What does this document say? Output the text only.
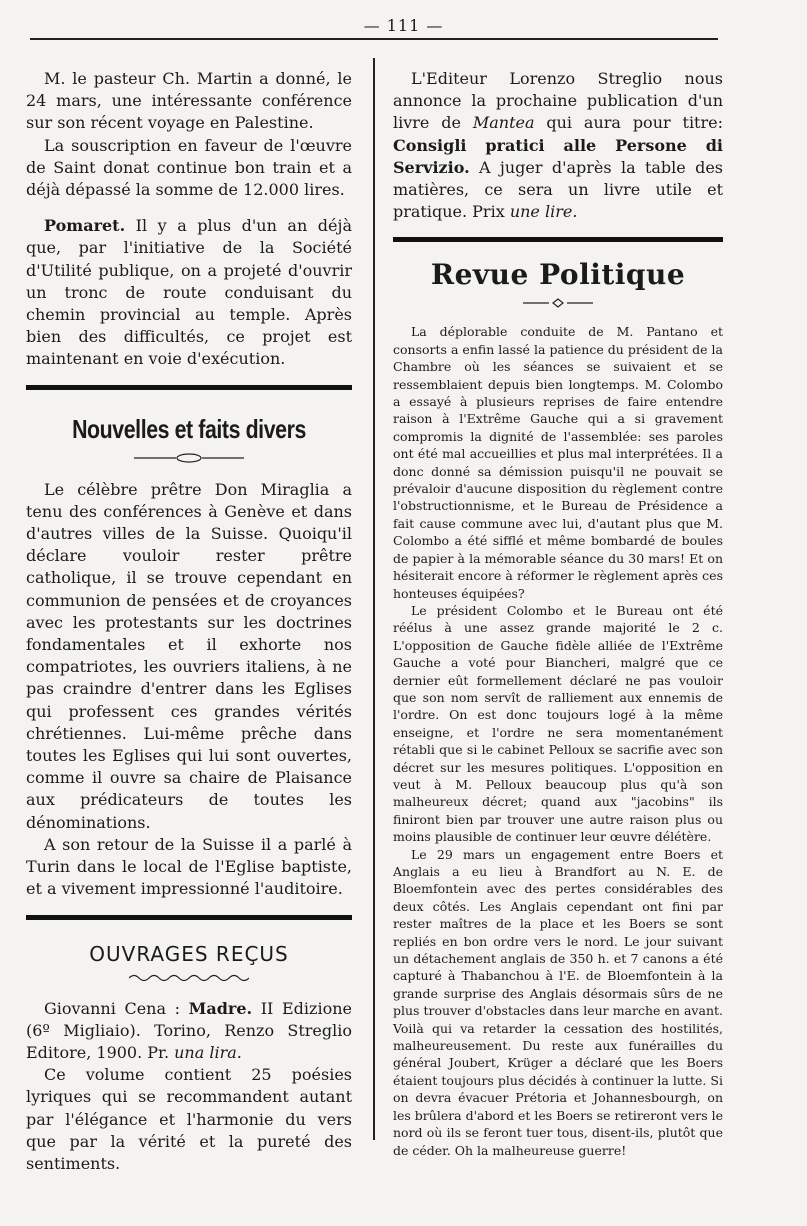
— 111 —

M. le pasteur Ch. Martin a donné, le 24 mars, une intéressante conférence sur son récent voyage en Palestine.

La souscription en faveur de l'œuvre de Saint donat continue bon train et a déjà dépassé la somme de 12.000 lires.

Pomaret. Il y a plus d'un an déjà que, par l'initiative de la Société d'Utilité publique, on a projeté d'ouvrir un tronc de route conduisant du chemin provincial au temple. Après bien des difficultés, ce projet est maintenant en voie d'exécution.

Nouvelles et faits divers

Le célèbre prêtre Don Miraglia a tenu des conférences à Genève et dans d'autres villes de la Suisse. Quoiqu'il déclare vouloir rester prêtre catholique, il se trouve cependant en communion de pensées et de croyances avec les protestants sur les doctrines fondamentales et il exhorte nos compatriotes, les ouvriers italiens, à ne pas craindre d'entrer dans les Eglises qui professent ces grandes vérités chrétiennes. Lui-même prêche dans toutes les Eglises qui lui sont ouvertes, comme il ouvre sa chaire de Plaisance aux prédicateurs de toutes les dénominations.

A son retour de la Suisse il a parlé à Turin dans le local de l'Eglise baptiste, et a vivement impressionné l'auditoire.

OUVRAGES REÇUS

Giovanni Cena : Madre. II Edizione (6º Migliaio). Torino, Renzo Streglio Editore, 1900. Pr. una lira.

Ce volume contient 25 poésies lyriques qui se recommandent autant par l'élégance et l'harmonie du vers que par la vérité et la pureté des sentiments.

L'Editeur Lorenzo Streglio nous annonce la prochaine publication d'un livre de Mantea qui aura pour titre: Consigli pratici alle Persone di Servizio. A juger d'après la table des matières, ce sera un livre utile et pratique. Prix une lire.

Revue Politique

La déplorable conduite de M. Pantano et consorts a enfin lassé la patience du président de la Chambre où les séances se suivaient et se ressemblaient depuis bien longtemps. M. Colombo a essayé à plusieurs reprises de faire entendre raison à l'Extrême Gauche qui a si gravement compromis la dignité de l'assemblée: ses paroles ont été mal accueillies et plus mal interprétées. Il a donc donné sa démission puisqu'il ne pouvait se prévaloir d'aucune disposition du règlement contre l'obstructionnisme, et le Bureau de Présidence a fait cause commune avec lui, d'autant plus que M. Colombo a été sifflé et même bombardé de boules de papier à la mémorable séance du 30 mars! Et on hésiterait encore à réformer le règlement après ces honteuses équipées?

Le président Colombo et le Bureau ont été réélus à une assez grande majorité le 2 c. L'opposition de Gauche fidèle alliée de l'Extrême Gauche a voté pour Biancheri, malgré que ce dernier eût formellement déclaré ne pas vouloir que son nom servît de ralliement aux ennemis de l'ordre. On est donc toujours logé à la même enseigne, et l'ordre ne sera momentanément rétabli que si le cabinet Pelloux se sacrifie avec son décret sur les mesures politiques. L'opposition en veut à M. Pelloux beaucoup plus qu'à son malheureux décret; quand aux "jacobins" ils finiront bien par trouver une autre raison plus ou moins plausible de continuer leur œuvre délétère.

Le 29 mars un engagement entre Boers et Anglais a eu lieu à Brandfort au N. E. de Bloemfontein avec des pertes considérables des deux côtés. Les Anglais cependant ont fini par rester maîtres de la place et les Boers se sont repliés en bon ordre vers le nord. Le jour suivant un détachement anglais de 350 h. et 7 canons a été capturé à Thabanchou à l'E. de Bloemfontein à la grande surprise des Anglais désormais sûrs de ne plus trouver d'obstacles dans leur marche en avant. Voilà qui va retarder la cessation des hostilités, malheureusement. Du reste aux funérailles du général Joubert, Krüger a déclaré que les Boers étaient toujours plus décidés à continuer la lutte. Si on devra évacuer Prétoria et Johannesbourgh, on les brûlera d'abord et les Boers se retireront vers le nord où ils se feront tuer tous, disent-ils, plutôt que de céder. Oh la malheureuse guerre!
